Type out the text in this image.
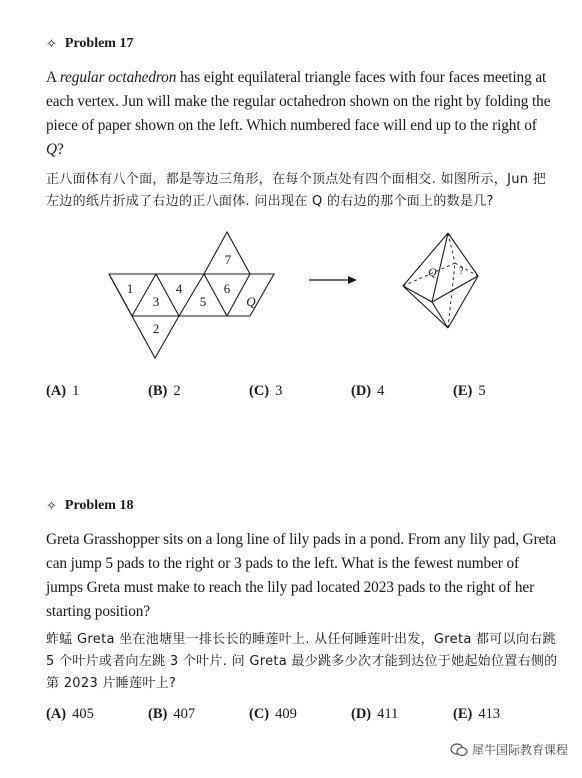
✧ Problem 17
A regular octahedron has eight equilateral triangle faces with four faces meeting at each vertex. Jun will make the regular octahedron shown on the right by folding the piece of paper shown on the left. Which numbered face will end up to the right of Q?
正八面体有八个面，都是等边三角形，在每个顶点处有四个面相交. 如图所示，Jun 把左边的纸片折成了右边的正八面体. 问出现在 Q 的右边的那个面上的数是几?
1
3
4
5
6
7
2
Q
Q ?
(A) 1	(B) 2	(C) 3	(D) 4	(E) 5
✧ Problem 18
Greta Grasshopper sits on a long line of lily pads in a pond. From any lily pad, Greta can jump 5 pads to the right or 3 pads to the left. What is the fewest number of jumps Greta must make to reach the lily pad located 2023 pads to the right of her starting position?
蚱蜢 Greta 坐在池塘里一排长长的睡莲叶上. 从任何睡莲叶出发，Greta 都可以向右跳 5 个叶片或者向左跳 3 个叶片. 问 Greta 最少跳多少次才能到达位于她起始位置右侧的第 2023 片睡莲叶上?
(A) 405	(B) 407	(C) 409	(D) 411	(E) 413
犀牛国际教育课程
